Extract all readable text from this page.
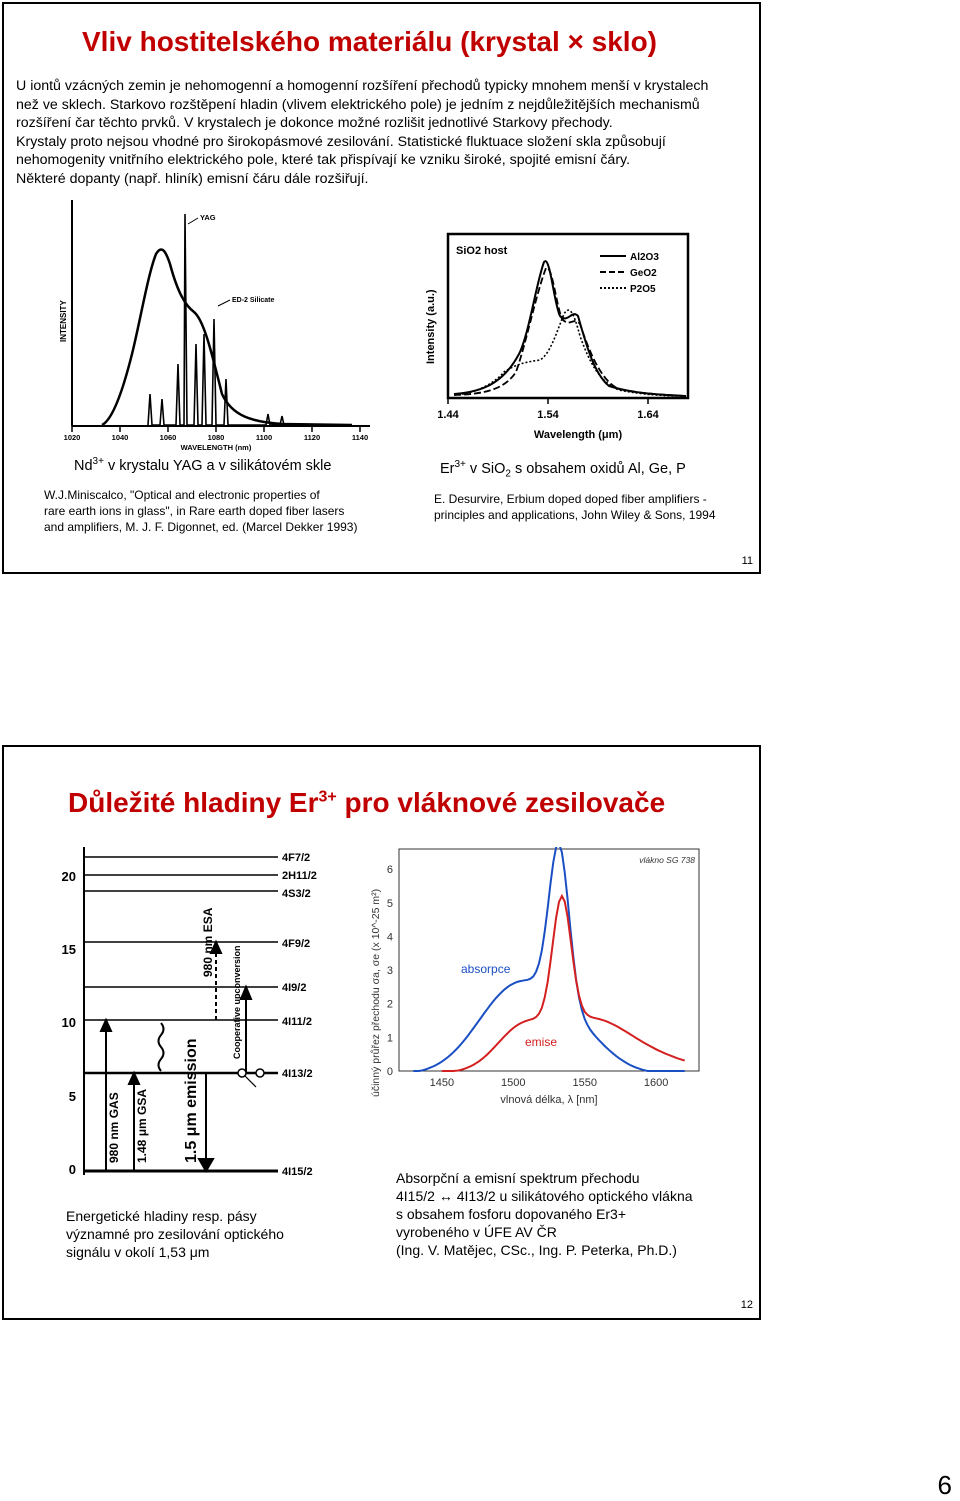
Vliv hostitelského materiálu (krystal × sklo)
U iontů vzácných zemin je nehomogenní a homogenní rozšíření přechodů typicky mnohem menší v krystalech
než ve sklech. Starkovo rozštěpení hladin (vlivem elektrického pole) je jedním z nejdůležitějších mechanismů
rozšíření čar těchto prvků. V krystalech je dokonce možné rozlišit jednotlivé Starkovy přechody.
Krystaly proto nejsou vhodné pro širokopásmové zesilování. Statistické fluktuace složení skla způsobují
nehomogenity vnitřního elektrického pole, které tak přispívají ke vzniku široké, spojité emisní čáry.
Některé dopanty (např. hliník) emisní čáru dále rozšiřují.
INTENSITY
1020	1040	1060	1080	1100	1120	1140
WAVELENGTH (nm)
YAG
ED-2 Silicate
SiO2 host
Intensity (a.u.)
1.44	1.54	1.64
Wavelength (μm)
Al2O3
GeO2
P2O5
$Nd^{3+}$ v krystalu YAG a v silikátovém skle	$Er^{3+}$ v SiO$_2$ s obsahem oxidů Al, Ge, P
W.J.Miniscalco, "Optical and electronic properties of
rare earth ions in glass", in Rare earth doped fiber lasers
and amplifiers, M. J. F. Digonnet, ed. (Marcel Dekker 1993)
E. Desurvire, Erbium doped doped fiber amplifiers -
principles and applications, John Wiley & Sons, 1994
11
Důležité hladiny $Er^{3+}$ pro vláknové zesilovače
20
15
10
5
0
4F7/2
2H11/2
4S3/2
4F9/2
4I9/2
4I11/2
4I13/2
4I15/2
980 nm GAS 1.48 μm GSA 1.5 μm emission
980 nm ESA
Cooperative upconversion
0
1
2
3
4
5
6
1450	1500	1550	1600
účinný průřez přechodu σa, σe (x 10^-25 m²)
vlnová délka, λ [nm]
vlákno SG 738
absorpce
emise
Energetické hladiny resp. pásy
významné pro zesilování optického
signálu v okolí 1,53 μm
Absorpční a emisní spektrum přechodu
4I15/2 ↔ 4I13/2 u silikátového optického vlákna
s obsahem fosforu dopovaného Er3+
vyrobeného v ÚFE AV ČR
(Ing. V. Matějec, CSc., Ing. P. Peterka, Ph.D.)
12
6
